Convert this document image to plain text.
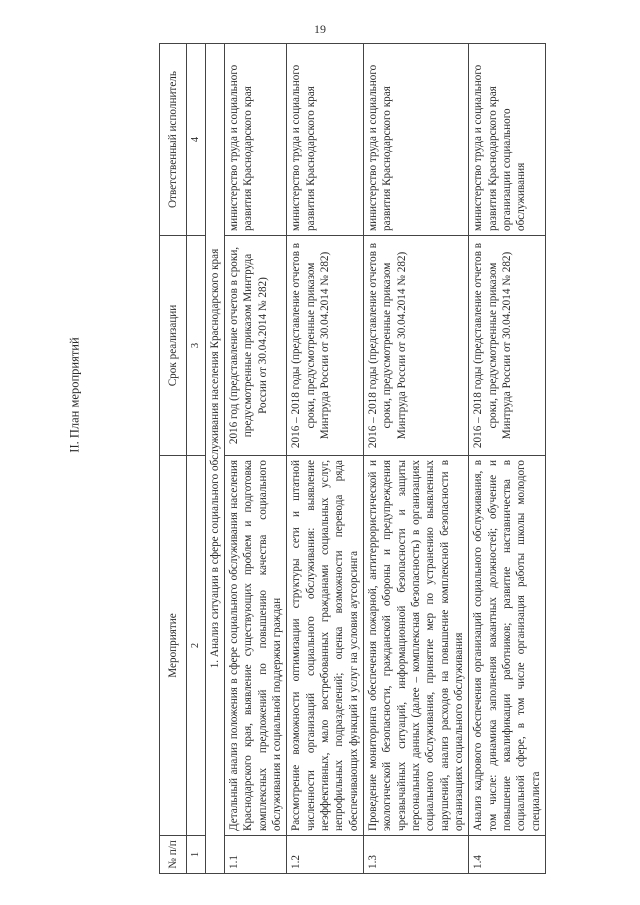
19
II. План мероприятий
№ п/п	Мероприятие	Срок реализации	Ответственный исполнитель
1	2	3	4
1. Анализ ситуации в сфере социального обслуживания населения Краснодарского края			
1.1	Детальный анализ положения в сфере социального обслуживания населения Краснодарского края, выявление существующих проблем и подготовка комплексных предложений по повышению качества социального обслуживания и социальной поддержки граждан	2016 год (представление отчетов в сроки, предусмотренные приказом Минтруда России от 30.04.2014 № 282)	министерство труда и социального развития Краснодарского края
1.2	Рассмотрение возможности оптимизации структуры сети и штатной численности организаций социального обслуживания: выявление неэффективных, мало востребованных гражданами социальных услуг, непрофильных подразделений; оценка возможности перевода ряда обеспечивающих функций и услуг на условия аутсорсинга	2016 – 2018 годы (представление отчетов в сроки, предусмотренные приказом Минтруда России от 30.04.2014 № 282)	министерство труда и социального развития Краснодарского края
1.3	Проведение мониторинга обеспечения пожарной, антитеррористической и экологической безопасности, гражданской обороны и предупреждения чрезвычайных ситуаций, информационной безопасности и защиты персональных данных (далее – комплексная безопасность) в организациях социального обслуживания, принятие мер по устранению выявленных нарушений, анализ расходов на повышение комплексной безопасности в организациях социального обслуживания	2016 – 2018 годы (представление отчетов в сроки, предусмотренные приказом Минтруда России от 30.04.2014 № 282)	министерство труда и социального развития Краснодарского края
1.4	Анализ кадрового обеспечения организаций социального обслуживания, в том числе: динамика заполнения вакантных должностей; обучение и повышение квалификации работников; развитие наставничества в социальной сфере, в том числе организация работы школы молодого специалиста	2016 – 2018 годы (представление отчетов в сроки, предусмотренные приказом Минтруда России от 30.04.2014 № 282)	министерство труда и социального развития Краснодарского края организации социального обслуживания
